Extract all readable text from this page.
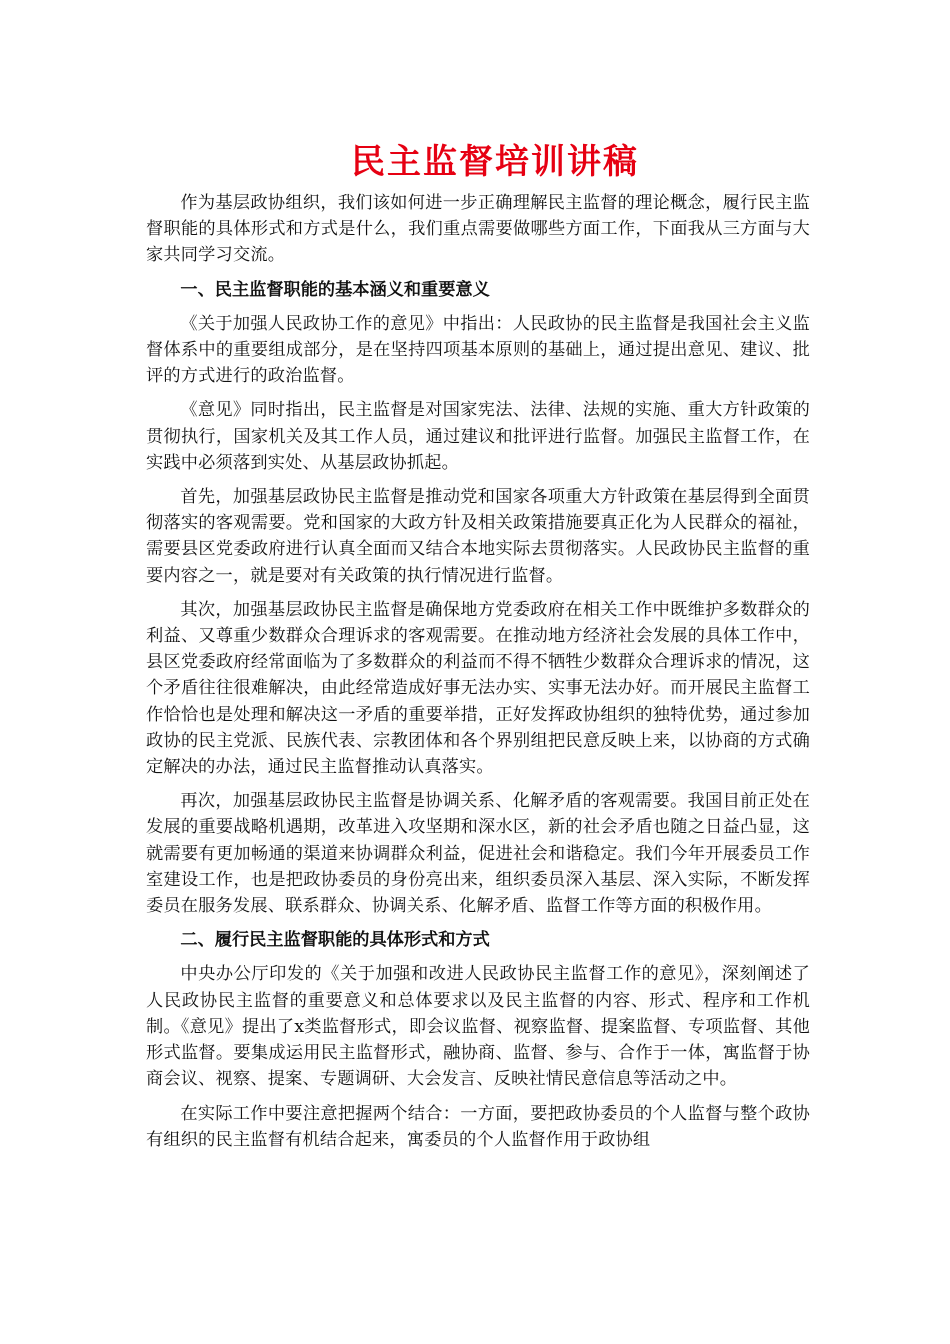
民主监督培训讲稿

作为基层政协组织，我们该如何进一步正确理解民主监督的理论概念，履行民主监督职能的具体形式和方式是什么，我们重点需要做哪些方面工作，下面我从三方面与大家共同学习交流。

一、民主监督职能的基本涵义和重要意义

《关于加强人民政协工作的意见》中指出：人民政协的民主监督是我国社会主义监督体系中的重要组成部分，是在坚持四项基本原则的基础上，通过提出意见、建议、批评的方式进行的政治监督。

《意见》同时指出，民主监督是对国家宪法、法律、法规的实施、重大方针政策的贯彻执行，国家机关及其工作人员，通过建议和批评进行监督。加强民主监督工作，在实践中必须落到实处、从基层政协抓起。

首先，加强基层政协民主监督是推动党和国家各项重大方针政策在基层得到全面贯彻落实的客观需要。党和国家的大政方针及相关政策措施要真正化为人民群众的福祉，需要县区党委政府进行认真全面而又结合本地实际去贯彻落实。人民政协民主监督的重要内容之一，就是要对有关政策的执行情况进行监督。

其次，加强基层政协民主监督是确保地方党委政府在相关工作中既维护多数群众的利益、又尊重少数群众合理诉求的客观需要。在推动地方经济社会发展的具体工作中，县区党委政府经常面临为了多数群众的利益而不得不牺牲少数群众合理诉求的情况，这个矛盾往往很难解决，由此经常造成好事无法办实、实事无法办好。而开展民主监督工作恰恰也是处理和解决这一矛盾的重要举措，正好发挥政协组织的独特优势，通过参加政协的民主党派、民族代表、宗教团体和各个界别组把民意反映上来，以协商的方式确定解决的办法，通过民主监督推动认真落实。

再次，加强基层政协民主监督是协调关系、化解矛盾的客观需要。我国目前正处在发展的重要战略机遇期，改革进入攻坚期和深水区，新的社会矛盾也随之日益凸显，这就需要有更加畅通的渠道来协调群众利益，促进社会和谐稳定。我们今年开展委员工作室建设工作，也是把政协委员的身份亮出来，组织委员深入基层、深入实际，不断发挥委员在服务发展、联系群众、协调关系、化解矛盾、监督工作等方面的积极作用。

二、履行民主监督职能的具体形式和方式

中央办公厅印发的《关于加强和改进人民政协民主监督工作的意见》，深刻阐述了人民政协民主监督的重要意义和总体要求以及民主监督的内容、形式、程序和工作机制。《意见》提出了x类监督形式，即会议监督、视察监督、提案监督、专项监督、其他形式监督。要集成运用民主监督形式，融协商、监督、参与、合作于一体，寓监督于协商会议、视察、提案、专题调研、大会发言、反映社情民意信息等活动之中。

在实际工作中要注意把握两个结合：一方面，要把政协委员的个人监督与整个政协有组织的民主监督有机结合起来，寓委员的个人监督作用于政协组
